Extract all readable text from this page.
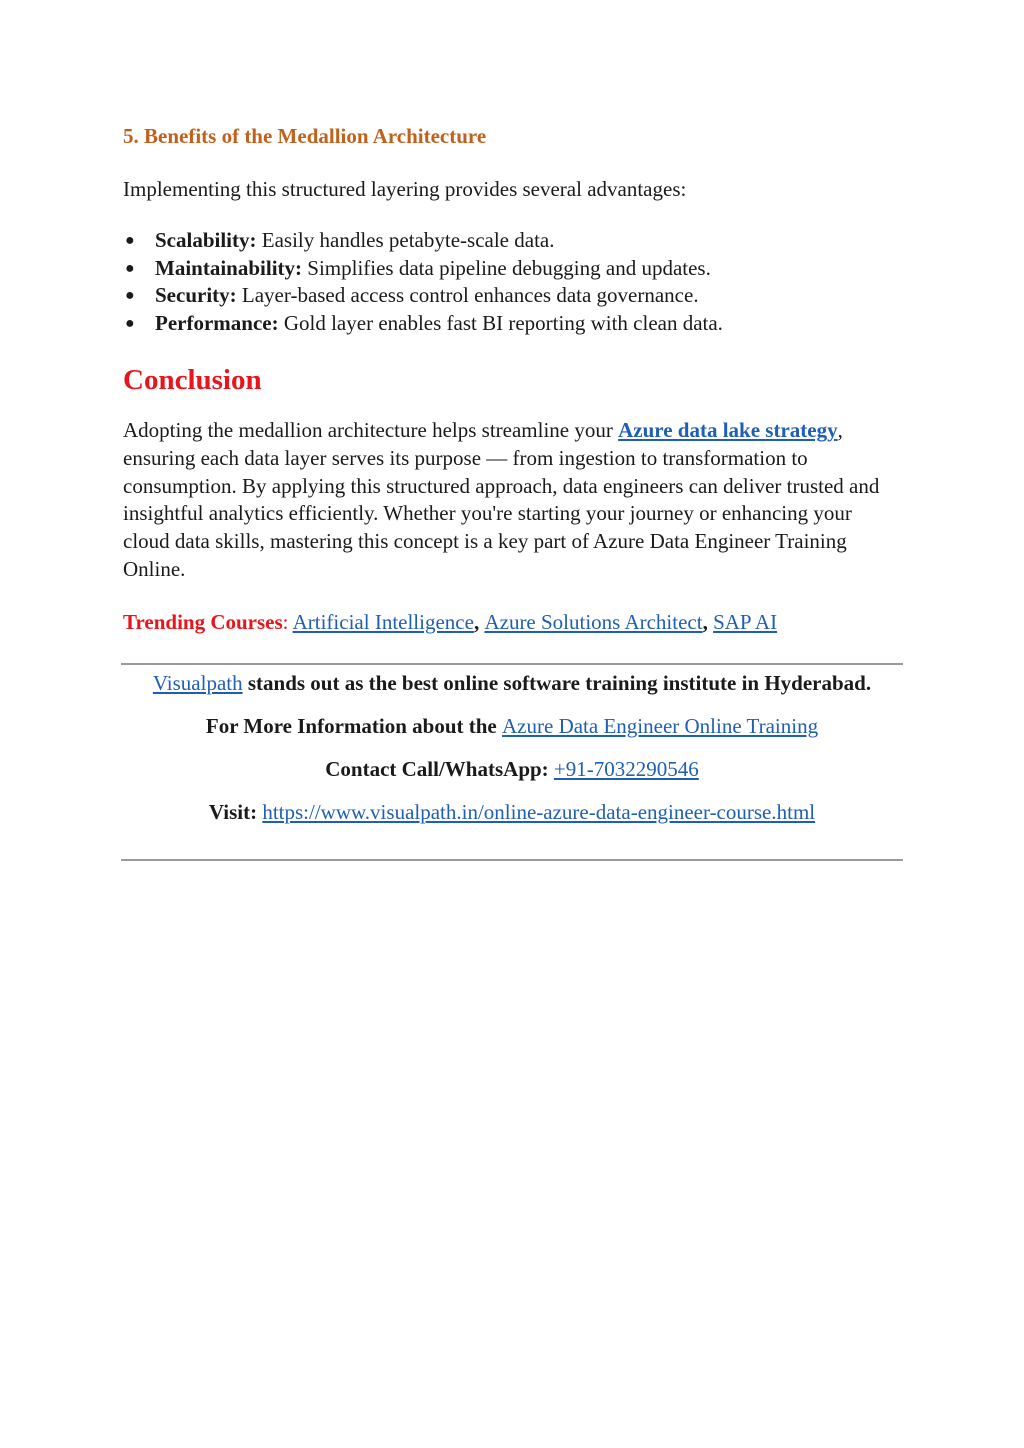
5. Benefits of the Medallion Architecture

Implementing this structured layering provides several advantages:

● Scalability: Easily handles petabyte-scale data.
● Maintainability: Simplifies data pipeline debugging and updates.
● Security: Layer-based access control enhances data governance.
● Performance: Gold layer enables fast BI reporting with clean data.
Conclusion

Adopting the medallion architecture helps streamline your Azure data lake strategy, ensuring each data layer serves its purpose — from ingestion to transformation to consumption. By applying this structured approach, data engineers can deliver trusted and insightful analytics efficiently. Whether you're starting your journey or enhancing your cloud data skills, mastering this concept is a key part of Azure Data Engineer Training Online.

Trending Courses: Artificial Intelligence, Azure Solutions Architect, SAP AI

Visualpath stands out as the best online software training institute in Hyderabad.
For More Information about the Azure Data Engineer Online Training
Contact Call/WhatsApp: +91-7032290546
Visit: https://www.visualpath.in/online-azure-data-engineer-course.html
